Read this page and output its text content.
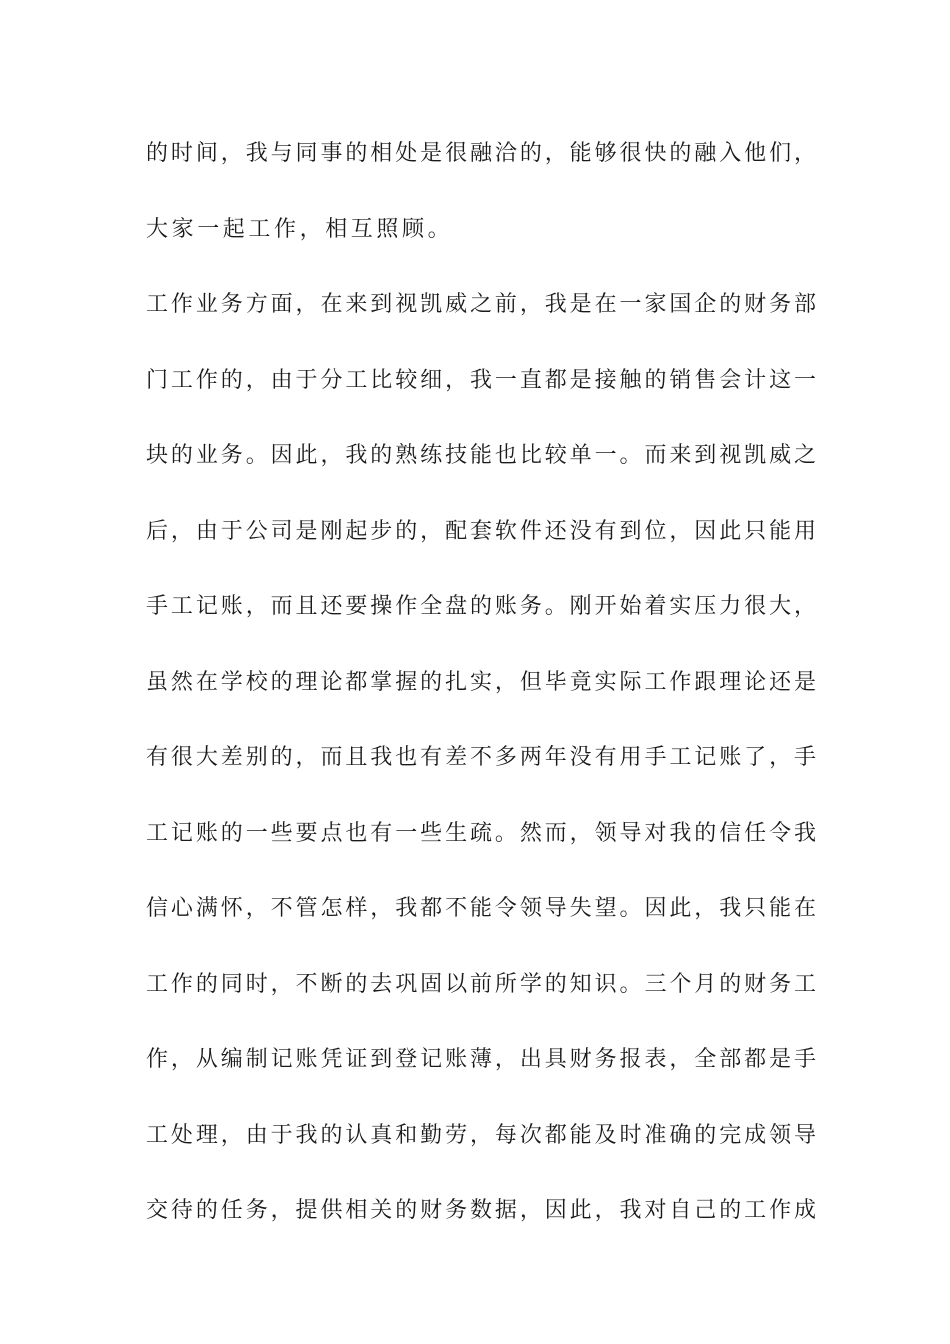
的时间，我与同事的相处是很融洽的，能够很快的融入他们，
大家一起工作，相互照顾。
工作业务方面，在来到视凯威之前，我是在一家国企的财务部
门工作的，由于分工比较细，我一直都是接触的销售会计这一
块的业务。因此，我的熟练技能也比较单一。而来到视凯威之
后，由于公司是刚起步的，配套软件还没有到位，因此只能用
手工记账，而且还要操作全盘的账务。刚开始着实压力很大，
虽然在学校的理论都掌握的扎实，但毕竟实际工作跟理论还是
有很大差别的，而且我也有差不多两年没有用手工记账了，手
工记账的一些要点也有一些生疏。然而，领导对我的信任令我
信心满怀，不管怎样，我都不能令领导失望。因此，我只能在
工作的同时，不断的去巩固以前所学的知识。三个月的财务工
作，从编制记账凭证到登记账薄，出具财务报表，全部都是手
工处理，由于我的认真和勤劳，每次都能及时准确的完成领导
交待的任务，提供相关的财务数据，因此，我对自己的工作成
